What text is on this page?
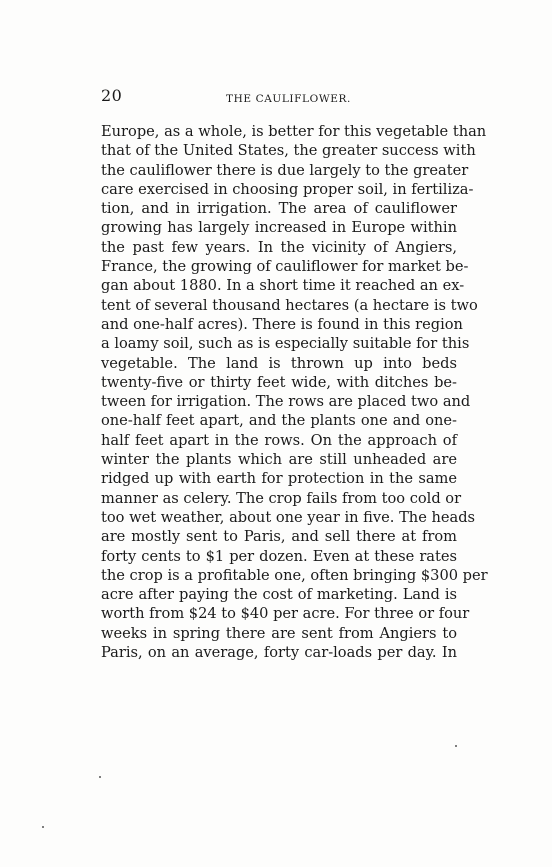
20	THE CAULIFLOWER.
Europe, as a whole, is better for this vegetable than
that of the United States, the greater success with
the cauliflower there is due largely to the greater
care exercised in choosing proper soil, in fertiliza-
tion, and in irrigation. The area of cauliflower
growing has largely increased in Europe within
the past few years. In the vicinity of Angiers,
France, the growing of cauliflower for market be-
gan about 1880. In a short time it reached an ex-
tent of several thousand hectares (a hectare is two
and one-half acres). There is found in this region
a loamy soil, such as is especially suitable for this
vegetable. The land is thrown up into beds
twenty-five or thirty feet wide, with ditches be-
tween for irrigation. The rows are placed two and
one-half feet apart, and the plants one and one-
half feet apart in the rows. On the approach of
winter the plants which are still unheaded are
ridged up with earth for protection in the same
manner as celery. The crop fails from too cold or
too wet weather, about one year in five. The heads
are mostly sent to Paris, and sell there at from
forty cents to $1 per dozen. Even at these rates
the crop is a profitable one, often bringing $300 per
acre after paying the cost of marketing. Land is
worth from $24 to $40 per acre. For three or four
weeks in spring there are sent from Angiers to
Paris, on an average, forty car-loads per day. In
